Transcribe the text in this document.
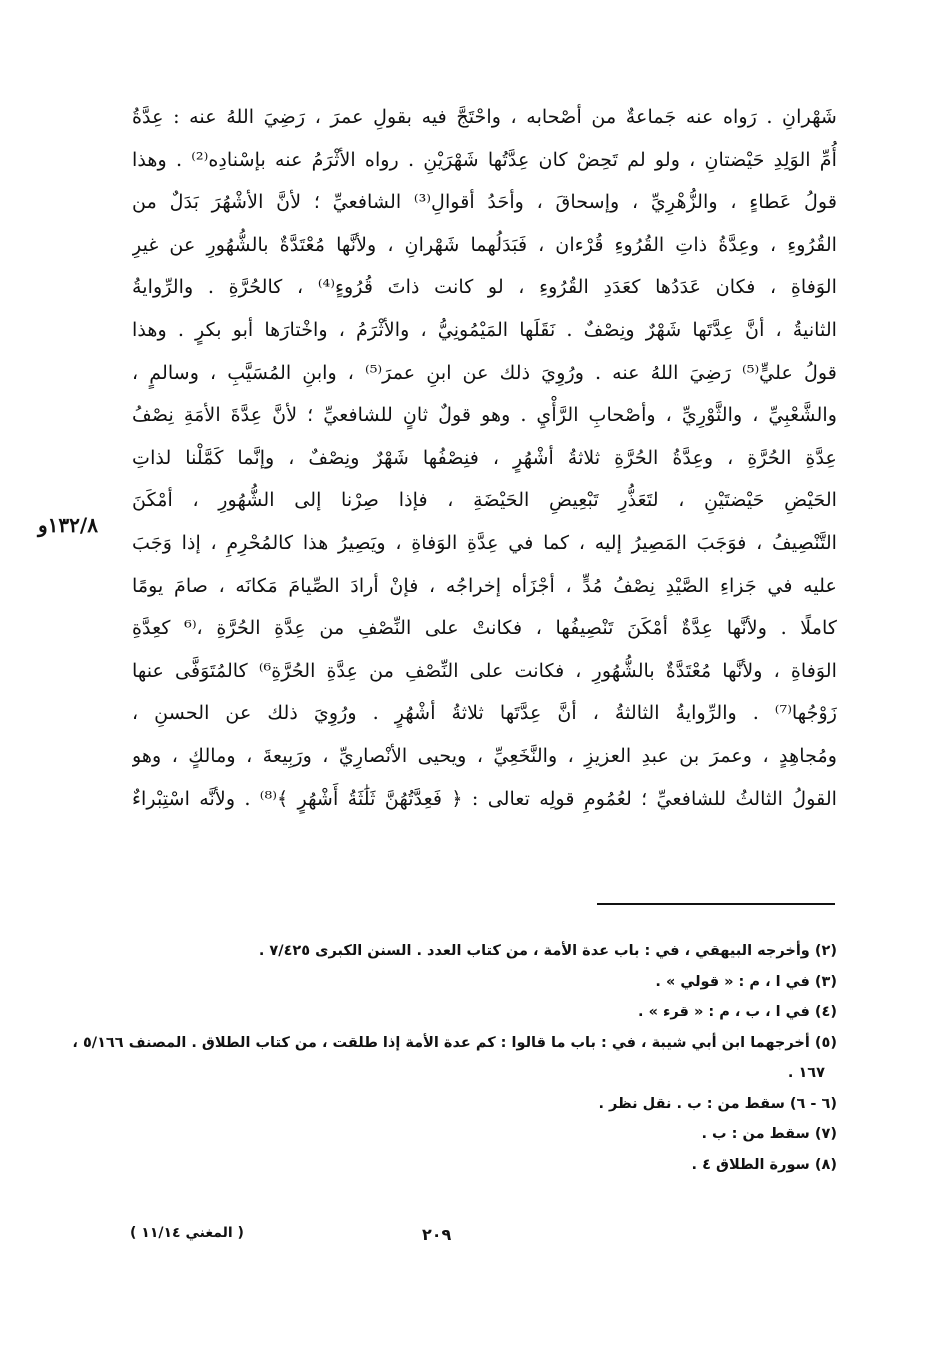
١٣٢/٨و
شَهْرانِ . رَواه عنه جَماعةٌ من أصْحابه ، واحْتَجَّ فيه بقولِ عمرَ ، رَضِيَ اللهُ عنه : عِدَّةُ
أُمِّ الوَلِدِ حَيْضتانِ ، ولو لم تَحِضْ كان عِدَّتُها شَهْرَيْنِ . رواه الأثْرَمُ عنه بإسْنادِه⁽²⁾ . وهذا
قولُ عَطاءٍ ، والزُّهْرِيِّ ، وإسحاقَ ، وأحَدُ أقوالِ⁽³⁾ الشافعيِّ ؛ لأنَّ الأشْهُرَ بَدَلٌ من
القُرُوءِ ، وعِدَّةُ ذاتِ القُرُوءِ قُرْءان ، فَبَدَلُهما شَهْرانِ ، ولأنَّها مُعْتَدَّةٌ بالشُّهُورِ عن غيرِ
الوَفاةِ ، فكان عَدَدُها كعَدَدِ القُرُوءِ ، لو كانت ذاتَ قُرُوءٍ⁽⁴⁾ ، كالحُرَّةِ . والرِّوايةُ
الثانيةُ ، أنَّ عِدَّتَها شَهْرٌ ونِصْفٌ . نَقَلَها المَيْمُونِيُّ ، والأثْرَمُ ، واخْتارَها أبو بكرٍ . وهذا
قولُ عليٍّ⁽⁵⁾ رَضِيَ اللهُ عنه . ورُوِيَ ذلك عن ابنِ عمرَ⁽⁵⁾ ، وابنِ المُسَيَّبِ ، وسالمٍ ،
والشَّعْبِيِّ ، والثَّوْرِيِّ ، وأصْحابِ الرَّأْيِ . وهو قولٌ ثانٍ للشافعيِّ ؛ لأنَّ عِدَّةَ الأمَةِ نِصْفُ
عِدَّةِ الحُرَّةِ ، وعِدَّةُ الحُرَّةِ ثلاثةُ أشْهُرٍ ، فنِصْفُها شَهْرٌ ونِصْفٌ ، وإنَّما كَمَّلْنا لذاتِ
الحَيْضِ حَيْضتَيْنِ ، لتَعَذُّرِ تَبْعِيضِ الحَيْضَةِ ، فإذا صِرْنا إلى الشُّهُورِ ، أمْكَنَ
التَّنْصِيفُ ، فوَجَبَ المَصِيرُ إليه ، كما في عِدَّةِ الوَفاةِ ، ويَصِيرُ هذا كالمُحْرِمِ ، إذا وَجَبَ
عليه في جَزاءِ الصَّيْدِ نِصْفُ مُدٍّ ، أجْزَأه إخراجُه ، فإنْ أرادَ الصِّيامَ مَكانَه ، صامَ يومًا
كاملًا . ولأنَّها عِدَّةٌ أمْكَنَ تَنْصِيفُها ، فكانتْ على النِّصْفِ من عِدَّةِ الحُرَّةِ ،⁽⁶ كعِدَّةِ
الوَفاةِ ، ولأنَّها مُعْتَدَّةٌ بالشُّهُورِ ، فكانت على النِّصْفِ من عِدَّةِ الحُرَّةِ⁶⁾ كالمُتَوَفَّى عنها
زَوْجُها⁽⁷⁾ . والرِّوايةُ الثالثةُ ، أنَّ عِدَّتَها ثلاثةُ أشْهُرٍ . ورُوِيَ ذلك عن الحسنِ ،
ومُجاهِدٍ ، وعمرَ بن عبدِ العزيزِ ، والنَّخَعِيِّ ، ويحيى الأنْصارِيِّ ، ورَبِيعةَ ، ومالكٍ ، وهو
القولُ الثالثُ للشافعيِّ ؛ لعُمُومِ قولِه تعالى : ﴿ فَعِدَّتُهُنَّ ثَلَٰثَةُ أَشْهُرٍ ﴾⁽⁸⁾ . ولأنَّه اسْتِبْراءٌ
(٢) وأخرجه البيهقي ، في : باب عدة الأمة ، من كتاب العدد . السنن الكبرى ٧/٤٢٥ .
(٣) في ا ، م : « قولي » .
(٤) في ا ، ب ، م : « قرء » .
(٥) أخرجهما ابن أبي شيبة ، في : باب ما قالوا : كم عدة الأمة إذا طلقت ، من كتاب الطلاق . المصنف ٥/١٦٦ ،
١٦٧ .
(٦ - ٦) سقط من : ب . نقل نظر .
(٧) سقط من : ب .
(٨) سورة الطلاق ٤ .
( المغني ١١/١٤ )	٢٠٩
